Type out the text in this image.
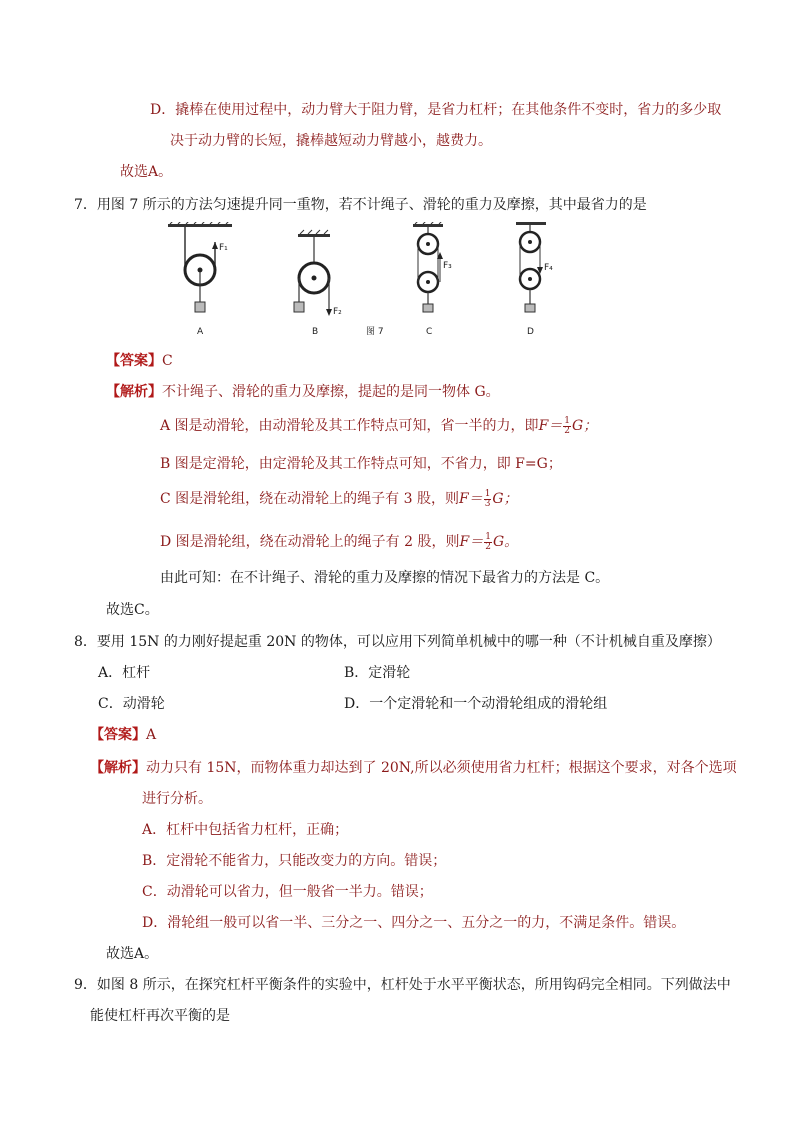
D．撬棒在使用过程中，动力臂大于阻力臂，是省力杠杆；在其他条件不变时，省力的多少取
决于动力臂的长短，撬棒越短动力臂越小，越费力。
故选A。
7．用图 7 所示的方法匀速提升同一重物，若不计绳子、滑轮的重力及摩擦，其中最省力的是
F₁
A
F₂
B	图 7
F₃
C
F₄
D
【答案】C
【解析】不计绳子、滑轮的重力及摩擦，提起的是同一物体 G。
A 图是动滑轮，由动滑轮及其工作特点可知，省一半的力，即$F= \frac{1}{2}$ G；
B 图是定滑轮，由定滑轮及其工作特点可知，不省力，即 F=G；
C 图是滑轮组，绕在动滑轮上的绳子有 3 股，则$F= \frac{1}{3}$ G；
D 图是滑轮组，绕在动滑轮上的绳子有 2 股，则$F= \frac{1}{2}$ G。
由此可知：在不计绳子、滑轮的重力及摩擦的情况下最省力的方法是 C。
故选C。
8．要用 15N 的力刚好提起重 20N 的物体，可以应用下列简单机械中的哪一种（不计机械自重及摩擦）
A．杠杆	B．定滑轮
C．动滑轮	D．一个定滑轮和一个动滑轮组成的滑轮组
【答案】A
【解析】动力只有 15N，而物体重力却达到了 20N,所以必须使用省力杠杆；根据这个要求，对各个选项
进行分析。
A．杠杆中包括省力杠杆，正确；
B．定滑轮不能省力，只能改变力的方向。错误；
C．动滑轮可以省力，但一般省一半力。错误；
D．滑轮组一般可以省一半、三分之一、四分之一、五分之一的力，不满足条件。错误。
故选A。
9．如图 8 所示，在探究杠杆平衡条件的实验中，杠杆处于水平平衡状态，所用钩码完全相同。下列做法中
能使杠杆再次平衡的是
